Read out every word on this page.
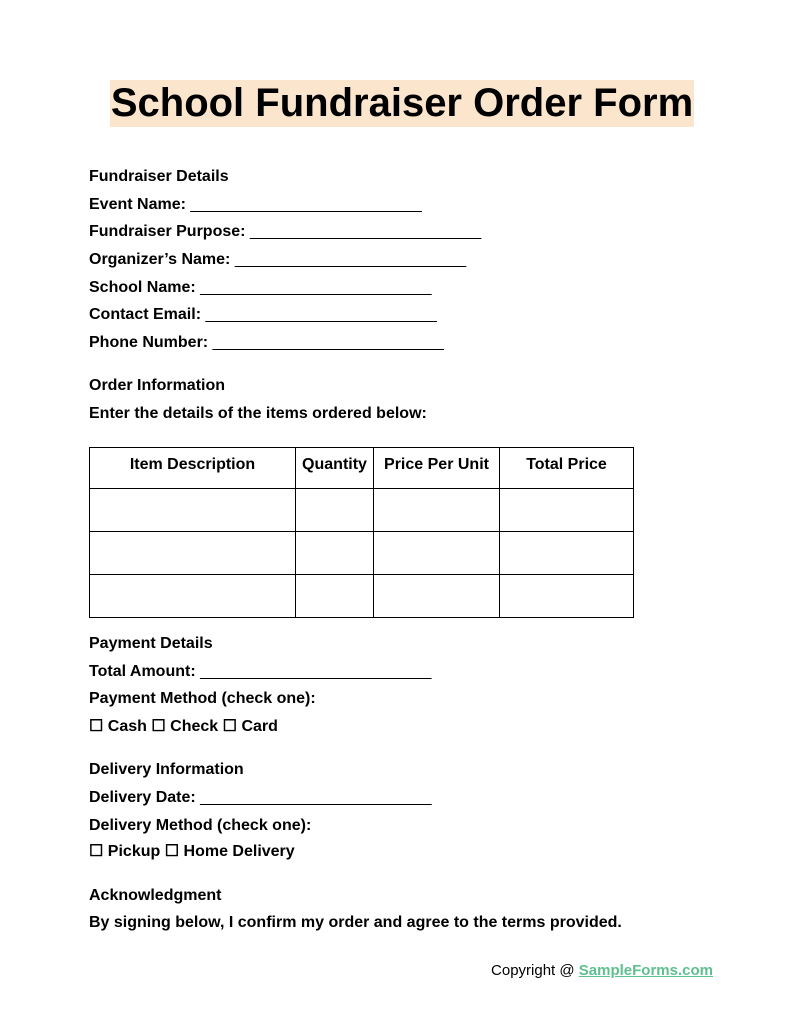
School Fundraiser Order Form
Fundraiser Details
Event Name: __________________________
Fundraiser Purpose: __________________________
Organizer’s Name: __________________________
School Name: __________________________
Contact Email: __________________________
Phone Number: __________________________
Order Information
Enter the details of the items ordered below:
Item Description	Quantity	Price Per Unit	Total Price

Payment Details
Total Amount: __________________________
Payment Method (check one):
☐ Cash ☐ Check ☐ Card
Delivery Information
Delivery Date: __________________________
Delivery Method (check one):
☐ Pickup ☐ Home Delivery
Acknowledgment
By signing below, I confirm my order and agree to the terms provided.
Copyright @ SampleForms.com
